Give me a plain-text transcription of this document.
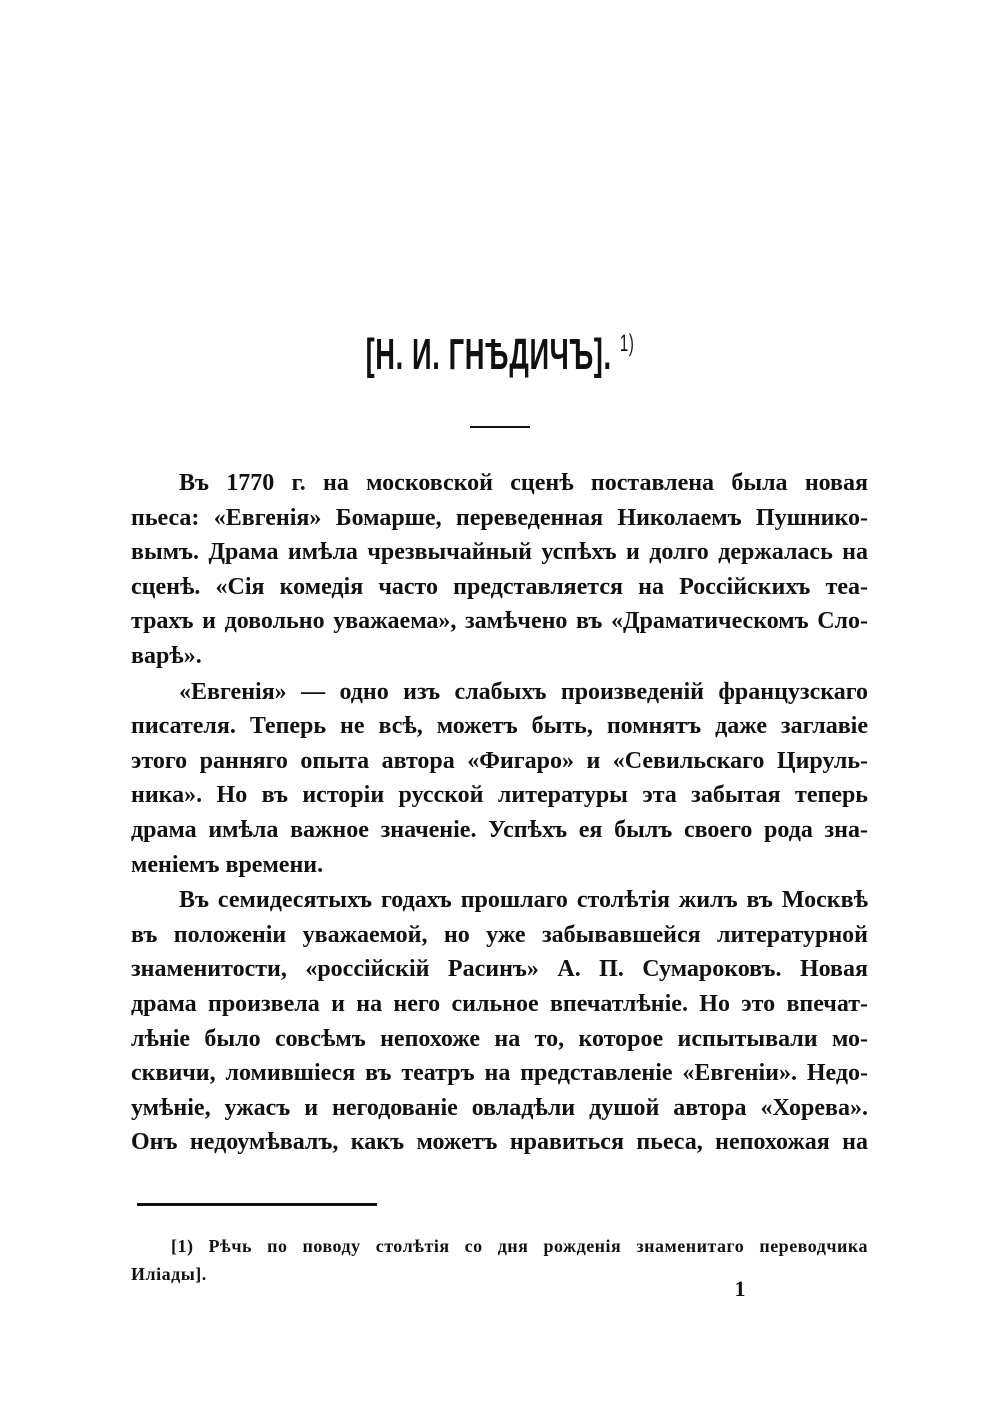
[Н. И. ГНѢДИЧЪ]. $^{1)}$
Въ 1770 г. на московской сценѣ поставлена была новая
пьеса: «Евгенія» Бомарше, переведенная Николаемъ Пушнико-
вымъ. Драма имѣла чрезвычайный успѣхъ и долго держалась на
сценѣ. «Сія комедія часто представляется на Россійскихъ теа-
трахъ и довольно уважаема», замѣчено въ «Драматическомъ Сло-
варѣ».
«Евгенія» — одно изъ слабыхъ произведеній французскаго
писателя. Теперь не всѣ, можетъ быть, помнятъ даже заглавіе
этого ранняго опыта автора «Фигаро» и «Севильскаго Цируль-
ника». Но въ исторіи русской литературы эта забытая теперь
драма имѣла важное значеніе. Успѣхъ ея былъ своего рода зна-
меніемъ времени.
Въ семидесятыхъ годахъ прошлаго столѣтія жилъ въ Москвѣ
въ положеніи уважаемой, но уже забывавшейся литературной
знаменитости, «россійскій Расинъ» А. П. Сумароковъ. Новая
драма произвела и на него сильное впечатлѣніе. Но это впечат-
лѣніе было совсѣмъ непохоже на то, которое испытывали мо-
сквичи, ломившіеся въ театръ на представленіе «Евгеніи». Недо-
умѣніе, ужасъ и негодованіе овладѣли душой автора «Хорева».
Онъ недоумѣвалъ, какъ можетъ нравиться пьеса, непохожая на
[1) Рѣчь по поводу столѣтія со дня рожденія знаменитаго переводчика
Иліады].
1
